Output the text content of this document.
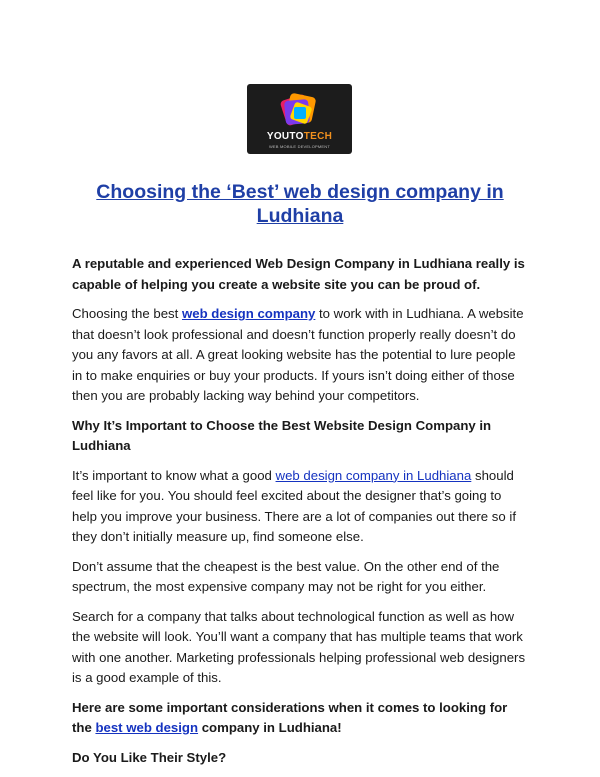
YOUTOTECH
WEB MOBILE DEVELOPMENT
Choosing the ‘Best’ web design company in Ludhiana

A reputable and experienced Web Design Company in Ludhiana really is capable of helping you create a website site you can be proud of.

Choosing the best web design company to work with in Ludhiana. A website that doesn’t look professional and doesn’t function properly really doesn’t do you any favors at all. A great looking website has the potential to lure people in to make enquiries or buy your products. If yours isn’t doing either of those then you are probably lacking way behind your competitors.

Why It’s Important to Choose the Best Website Design Company in Ludhiana

It’s important to know what a good web design company in Ludhiana should feel like for you. You should feel excited about the designer that’s going to help you improve your business. There are a lot of companies out there so if they don’t initially measure up, find someone else.

Don’t assume that the cheapest is the best value. On the other end of the spectrum, the most expensive company may not be right for you either.

Search for a company that talks about technological function as well as how the website will look. You’ll want a company that has multiple teams that work with one another. Marketing professionals helping professional web designers is a good example of this.

Here are some important considerations when it comes to looking for the best web design company in Ludhiana!

Do You Like Their Style?
